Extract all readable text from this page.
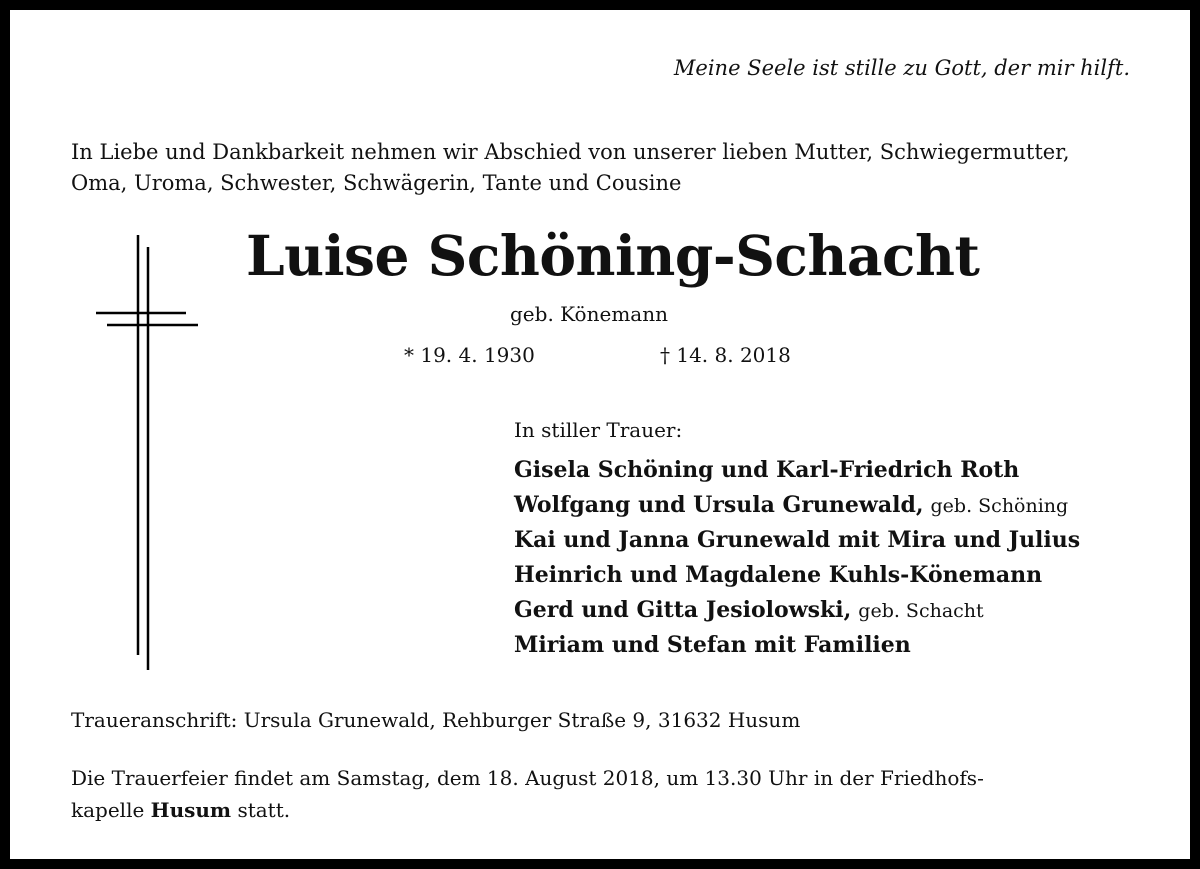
Meine Seele ist stille zu Gott, der mir hilft.
In Liebe und Dankbarkeit nehmen wir Abschied von unserer lieben Mutter, Schwiegermutter,
Oma, Uroma, Schwester, Schwägerin, Tante und Cousine
Luise Schöning-Schacht
geb. Könemann
* 19. 4. 1930	† 14. 8. 2018
In stiller Trauer:
Gisela Schöning und Karl-Friedrich Roth
Wolfgang und Ursula Grunewald, geb. Schöning
Kai und Janna Grunewald mit Mira und Julius
Heinrich und Magdalene Kuhls-Könemann
Gerd und Gitta Jesiolowski, geb. Schacht
Miriam und Stefan mit Familien
Traueranschrift: Ursula Grunewald, Rehburger Straße 9, 31632 Husum
Die Trauerfeier findet am Samstag, dem 18. August 2018, um 13.30 Uhr in der Friedhofs-
kapelle Husum statt.
